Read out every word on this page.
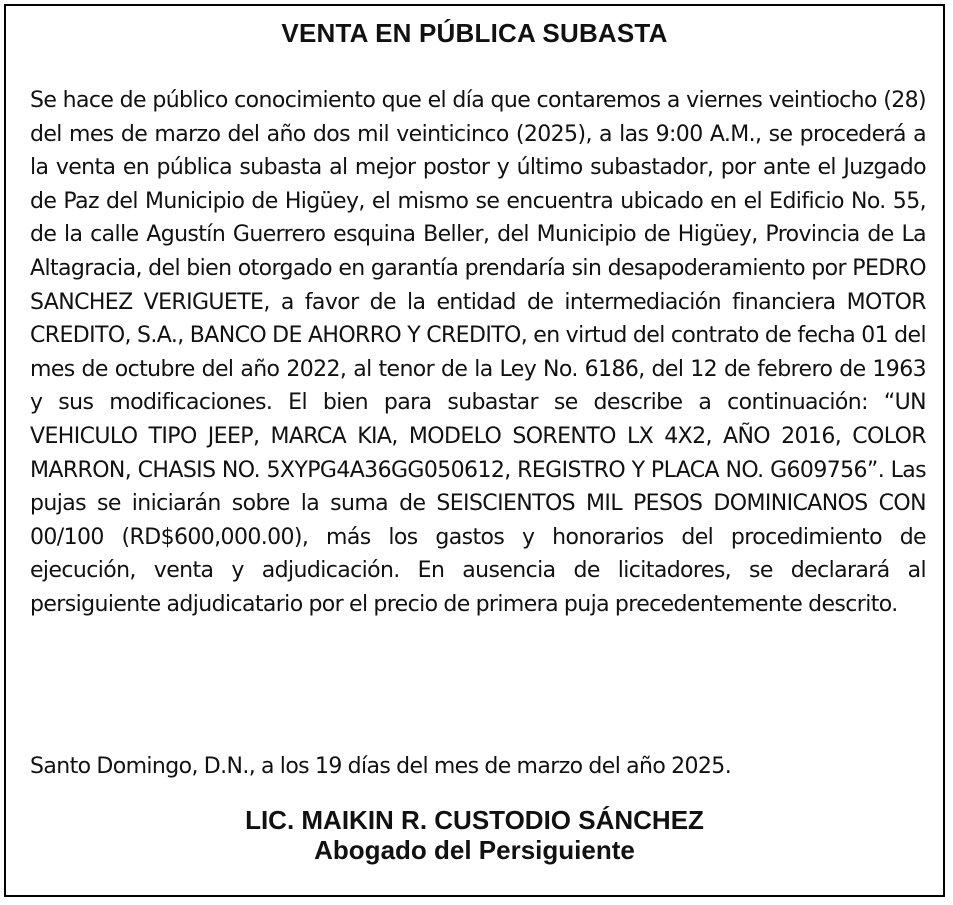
VENTA EN PÚBLICA SUBASTA

Se hace de público conocimiento que el día que contaremos a viernes veintiocho (28) del mes de marzo del año dos mil veinticinco (2025), a las 9:00 A.M., se procederá a la venta en pública subasta al mejor postor y último subastador, por ante el Juzgado de Paz del Municipio de Higüey, el mismo se encuentra ubicado en el Edificio No. 55, de la calle Agustín Guerrero esquina Beller, del Municipio de Higüey, Provincia de La Altagracia, del bien otorgado en garantía prendaría sin desapoderamiento por PEDRO SANCHEZ VERIGUETE, a favor de la entidad de intermediación financiera MOTOR CREDITO, S.A., BANCO DE AHORRO Y CREDITO, en virtud del contrato de fecha 01 del mes de octubre del año 2022, al tenor de la Ley No. 6186, del 12 de febrero de 1963 y sus modificaciones. El bien para subastar se describe a continuación: “UN VEHICULO TIPO JEEP, MARCA KIA, MODELO SORENTO LX 4X2, AÑO 2016, COLOR MARRON, CHASIS NO. 5XYPG4A36GG050612, REGISTRO Y PLACA NO. G609756”. Las pujas se iniciarán sobre la suma de SEISCIENTOS MIL PESOS DOMINICANOS CON 00/100 (RD$600,000.00), más los gastos y honorarios del procedimiento de ejecución, venta y adjudicación. En ausencia de licitadores, se declarará al persiguiente adjudicatario por el precio de primera puja precedentemente descrito.

Santo Domingo, D.N., a los 19 días del mes de marzo del año 2025.

LIC. MAIKIN R. CUSTODIO SÁNCHEZ
Abogado del Persiguiente
